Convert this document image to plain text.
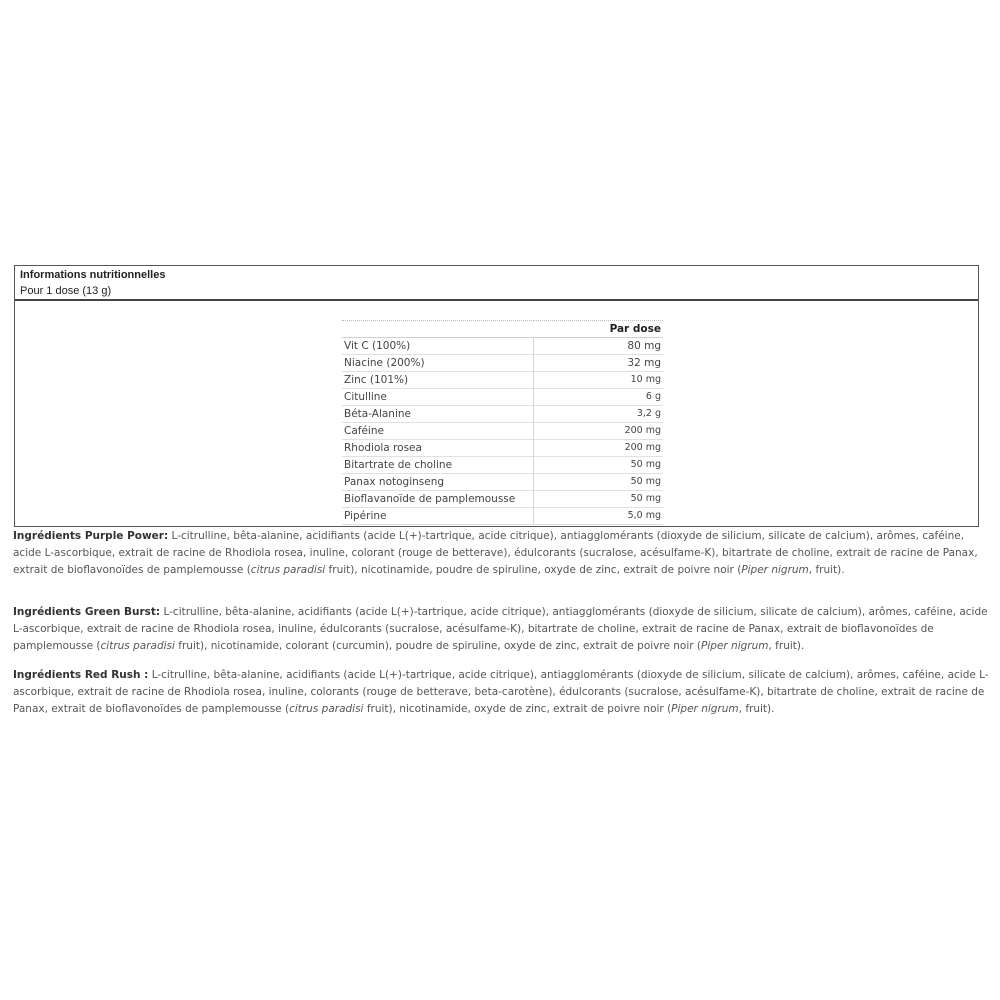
Informations nutritionnelles
Pour 1 dose (13 g)
	Par dose
Vit C (100%)	80 mg
Niacine (200%)	32 mg
Zinc (101%)	10 mg
Citulline	6 g
Béta-Alanine	3,2 g
Caféine	200 mg
Rhodiola rosea	200 mg
Bitartrate de choline	50 mg
Panax notoginseng	50 mg
Bioflavanoïde de pamplemousse	50 mg
Pipérine	5,0 mg
Ingrédients Purple Power: L-citrulline, bêta-alanine, acidifiants (acide L(+)-tartrique, acide citrique), antiagglomérants (dioxyde de silicium, silicate de calcium), arômes, caféine, acide L-ascorbique, extrait de racine de Rhodiola rosea, inuline, colorant (rouge de betterave), édulcorants (sucralose, acésulfame-K), bitartrate de choline, extrait de racine de Panax, extrait de bioflavonoïdes de pamplemousse (citrus paradisi fruit), nicotinamide, poudre de spiruline, oxyde de zinc, extrait de poivre noir (Piper nigrum, fruit).
Ingrédients Green Burst: L-citrulline, bêta-alanine, acidifiants (acide L(+)-tartrique, acide citrique), antiagglomérants (dioxyde de silicium, silicate de calcium), arômes, caféine, acide L-ascorbique, extrait de racine de Rhodiola rosea, inuline, édulcorants (sucralose, acésulfame-K), bitartrate de choline, extrait de racine de Panax, extrait de bioflavonoïdes de pamplemousse (citrus paradisi fruit), nicotinamide, colorant (curcumin), poudre de spiruline, oxyde de zinc, extrait de poivre noir (Piper nigrum, fruit).
Ingrédients Red Rush : L-citrulline, bêta-alanine, acidifiants (acide L(+)-tartrique, acide citrique), antiagglomérants (dioxyde de silicium, silicate de calcium), arômes, caféine, acide L-ascorbique, extrait de racine de Rhodiola rosea, inuline, colorants (rouge de betterave, beta-carotène), édulcorants (sucralose, acésulfame-K), bitartrate de choline, extrait de racine de Panax, extrait de bioflavonoïdes de pamplemousse (citrus paradisi fruit), nicotinamide, oxyde de zinc, extrait de poivre noir (Piper nigrum, fruit).
